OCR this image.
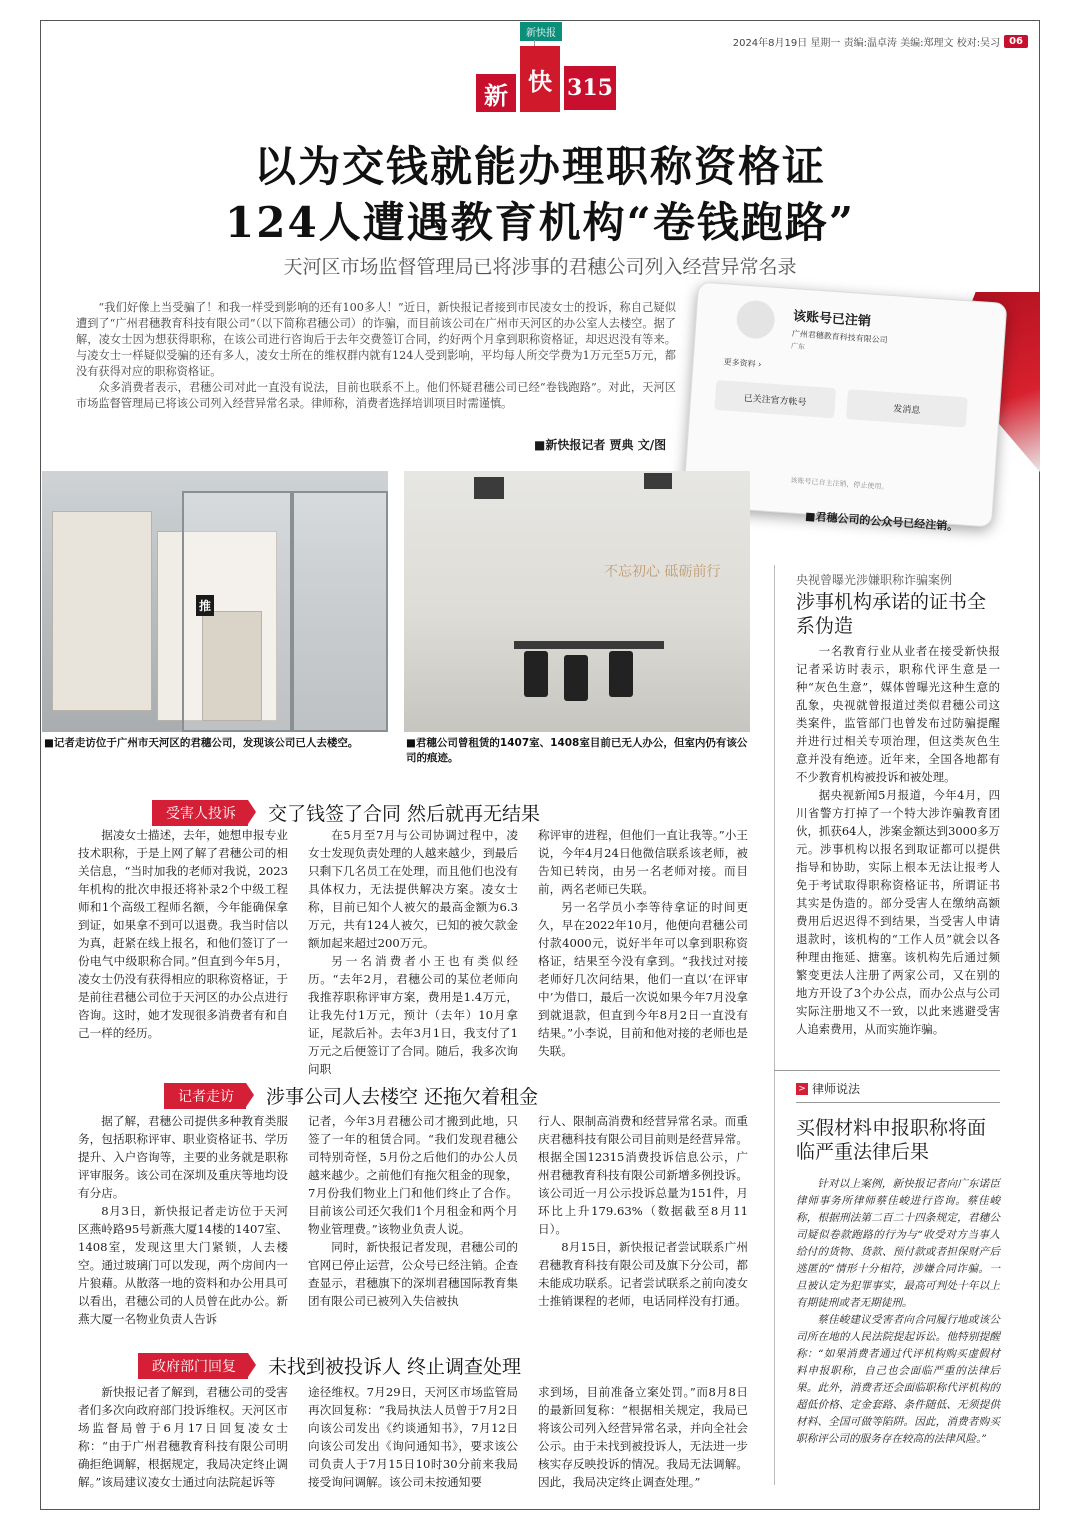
2024年8月19日 星期一 责编:温卓涛 美编:郑理文 校对:吴习 06
新快报
新 快 315
以为交钱就能办理职称资格证
124人遭遇教育机构“卷钱跑路”
天河区市场监督管理局已将涉事的君穗公司列入经营异常名录

“我们好像上当受骗了！和我一样受到影响的还有100多人！”近日，新快报记者接到市民凌女士的投诉，称自己疑似遭到了“广州君穗教育科技有限公司”（以下简称君穗公司）的诈骗，而目前该公司在广州市天河区的办公室人去楼空。据了解，凌女士因为想获得职称，在该公司进行咨询后于去年交费签订合同，约好两个月拿到职称资格证，却迟迟没有等来。与凌女士一样疑似受骗的还有多人，凌女士所在的维权群内就有124人受到影响，平均每人所交学费为1万元至5万元，都没有获得对应的职称资格证。

众多消费者表示，君穗公司对此一直没有说法，目前也联系不上。他们怀疑君穗公司已经“卷钱跑路”。对此，天河区市场监督管理局已将该公司列入经营异常名录。律师称，消费者选择培训项目时需谨慎。

■新快报记者 贾典 文/图
该账号已注销
广州君穗教育科技有限公司
广东
更多资料 ›
已关注官方帐号
发消息
该账号已自主注销，停止使用。
■君穗公司的公众号已经注销。
推
不忘初心 砥砺前行
■记者走访位于广州市天河区的君穗公司，发现该公司已人去楼空。	■君穗公司曾租赁的1407室、1408室目前已无人办公，但室内仍有该公司的痕迹。
受害人投诉	交了钱签了合同 然后就再无结果

据凌女士描述，去年，她想申报专业技术职称，于是上网了解了君穗公司的相关信息，“当时加我的老师对我说，2023年机构的批次申报还将补录2个中级工程师和1个高级工程师名额，今年能确保拿到证，如果拿不到可以退费。我当时信以为真，赶紧在线上报名，和他们签订了一份电气中级职称合同。”但直到今年5月，凌女士仍没有获得相应的职称资格证，于是前往君穗公司位于天河区的办公点进行咨询。这时，她才发现很多消费者有和自己一样的经历。

在5月至7月与公司协调过程中，凌女士发现负责处理的人越来越少，到最后只剩下几名员工在处理，而且他们也没有具体权力，无法提供解决方案。凌女士称，目前已知个人被欠的最高金额为6.3万元，共有124人被欠，已知的被欠款金额加起来超过200万元。

另一名消费者小王也有类似经历。“去年2月，君穗公司的某位老师向我推荐职称评审方案，费用是1.4万元，让我先付1万元，预计（去年）10月拿证，尾款后补。去年3月1日，我支付了1万元之后便签订了合同。随后，我多次询问职

称评审的进程，但他们一直让我等。”小王说，今年4月24日他微信联系该老师，被告知已转岗，由另一名老师对接。而目前，两名老师已失联。

另一名学员小李等待拿证的时间更久，早在2022年10月，他便向君穗公司付款4000元，说好半年可以拿到职称资格证，结果至今没有拿到。“我找过对接老师好几次问结果，他们一直以‘在评审中’为借口，最后一次说如果今年7月没拿到就退款，但直到今年8月2日一直没有结果。”小李说，目前和他对接的老师也是失联。

记者走访	涉事公司人去楼空 还拖欠着租金

据了解，君穗公司提供多种教育类服务，包括职称评审、职业资格证书、学历提升、入户咨询等，主要的业务就是职称评审服务。该公司在深圳及重庆等地均设有分店。

8月3日，新快报记者走访位于天河区燕岭路95号新燕大厦14楼的1407室、1408室，发现这里大门紧锁，人去楼空。通过玻璃门可以发现，两个房间内一片狼藉。从散落一地的资料和办公用具可以看出，君穗公司的人员曾在此办公。新燕大厦一名物业负责人告诉

记者，今年3月君穗公司才搬到此地，只签了一年的租赁合同。“我们发现君穗公司特别奇怪，5月份之后他们的办公人员越来越少。之前他们有拖欠租金的现象，7月份我们物业上门和他们终止了合作。目前该公司还欠我们1个月租金和两个月物业管理费。”该物业负责人说。

同时，新快报记者发现，君穗公司的官网已停止运营，公众号已经注销。企查查显示，君穗旗下的深圳君穗国际教育集团有限公司已被列入失信被执

行人、限制高消费和经营异常名录。而重庆君穗科技有限公司目前则是经营异常。根据全国12315消费投诉信息公示，广州君穗教育科技有限公司新增多例投诉。该公司近一月公示投诉总量为151件，月环比上升179.63%（数据截至8月11日）。

8月15日，新快报记者尝试联系广州君穗教育科技有限公司及旗下分公司，都未能成功联系。记者尝试联系之前向凌女士推销课程的老师，电话同样没有打通。

政府部门回复	未找到被投诉人 终止调查处理

新快报记者了解到，君穗公司的受害者们多次向政府部门投诉维权。天河区市场监督局曾于6月17日回复凌女士称：“由于广州君穗教育科技有限公司明确拒绝调解，根据规定，我局决定终止调解。”该局建议凌女士通过向法院起诉等

途径维权。7月29日，天河区市场监管局再次回复称：“我局执法人员曾于7月2日向该公司发出《约谈通知书》，7月12日向该公司发出《询问通知书》，要求该公司负责人于7月15日10时30分前来我局接受询问调解。该公司未按通知要

求到场，目前准备立案处罚。”而8月8日的最新回复称：“根据相关规定，我局已将该公司列入经营异常名录，并向全社会公示。由于未找到被投诉人，无法进一步核实存反映投诉的情况。我局无法调解。因此，我局决定终止调查处理。”

央视曾曝光涉嫌职称诈骗案例
涉事机构承诺的证书全系伪造

一名教育行业从业者在接受新快报记者采访时表示，职称代评生意是一种“灰色生意”，媒体曾曝光这种生意的乱象，央视就曾报道过类似君穗公司这类案件，监管部门也曾发布过防骗提醒并进行过相关专项治理，但这类灰色生意并没有绝迹。近年来，全国各地都有不少教育机构被投诉和被处理。

据央视新闻5月报道，今年4月，四川省警方打掉了一个特大涉诈骗教育团伙，抓获64人，涉案金额达到3000多万元。涉事机构以报名到取证都可以提供指导和协助，实际上根本无法让报考人免于考试取得职称资格证书，所谓证书其实是伪造的。部分受害人在缴纳高额费用后迟迟得不到结果，当受害人申请退款时，该机构的“工作人员”就会以各种理由拖延、搪塞。该机构先后通过频繁变更法人注册了两家公司，又在别的地方开设了3个办公点，而办公点与公司实际注册地又不一致，以此来逃避受害人追索费用，从而实施诈骗。

> 律师说法
买假材料申报职称将面临严重法律后果

针对以上案例，新快报记者向广东诺臣律师事务所律师蔡佳峻进行咨询。蔡佳峻称，根据刑法第二百二十四条规定，君穗公司疑似卷款跑路的行为与“收受对方当事人给付的货物、货款、预付款或者担保财产后逃匿的”情形十分相符，涉嫌合同诈骗。一旦被认定为犯罪事实，最高可判处十年以上有期徒刑或者无期徒刑。

蔡佳峻建议受害者向合同履行地或该公司所在地的人民法院提起诉讼。他特别提醒称：“如果消费者通过代评机构购买虚假材料申报职称，自己也会面临严重的法律后果。此外，消费者还会面临职称代评机构的超低价格、定金套路、条件随低、无须提供材料、全国可做等陷阱。因此，消费者购买职称评公司的服务存在较高的法律风险。”
